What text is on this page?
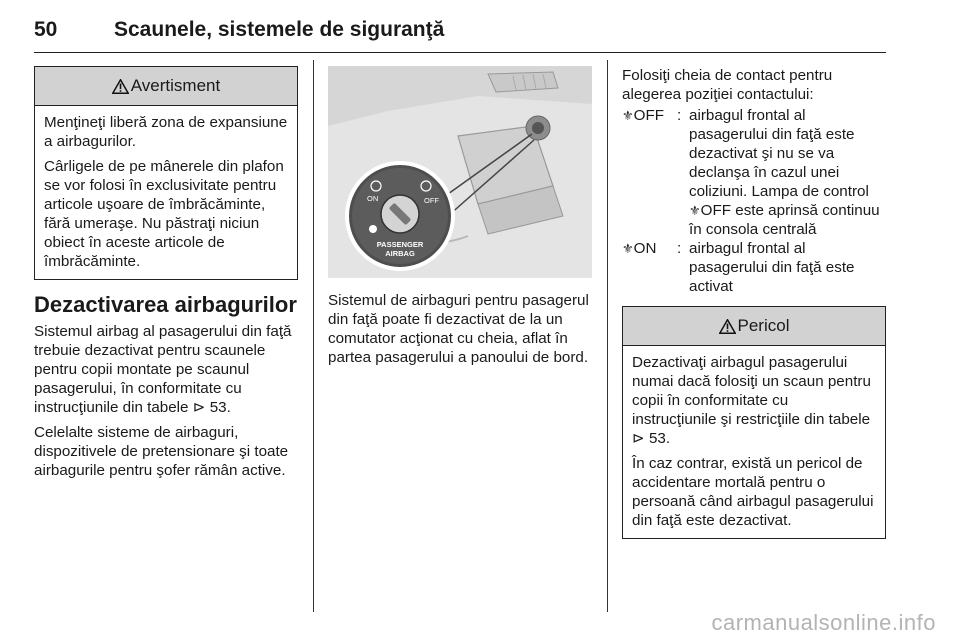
50	Scaunele, sistemele de siguranţă
Avertisment

Menţineţi liberă zona de expansiune a airbagurilor.

Cârligele de pe mânerele din plafon se vor folosi în exclusivitate pentru articole uşoare de îmbrăcăminte, fără umeraşe. Nu păstraţi niciun obiect în aceste articole de îmbrăcăminte.

Dezactivarea airbagurilor

Sistemul airbag al pasagerului din faţă trebuie dezactivat pentru scaunele pentru copii montate pe scaunul pasagerului, în conformitate cu instrucţiunile din tabele ⊳ 53.

Celelalte sisteme de airbaguri, dispozitivele de pretensionare şi toate airbagurile pentru şofer rămân active.

ON	OFF
PASSENGER
AIRBAG
Sistemul de airbaguri pentru pasagerul din faţă poate fi dezactivat de la un comutator acţionat cu cheia, aflat în partea pasagerului a panoului de bord.

Folosiţi cheia de contact pentru alegerea poziţiei contactului:

⚜OFF	:	airbagul frontal al pasagerului din faţă este dezactivat şi nu se va declanşa în cazul unei coliziuni. Lampa de control ⚜OFF este aprinsă continuu în consola centrală
⚜ON	:	airbagul frontal al pasagerului din faţă este activat
Pericol

Dezactivaţi airbagul pasagerului numai dacă folosiţi un scaun pentru copii în conformitate cu instrucţiunile şi restricţiile din tabele ⊳ 53.

În caz contrar, există un pericol de accidentare mortală pentru o persoană când airbagul pasagerului din faţă este dezactivat.

carmanualsonline.info
